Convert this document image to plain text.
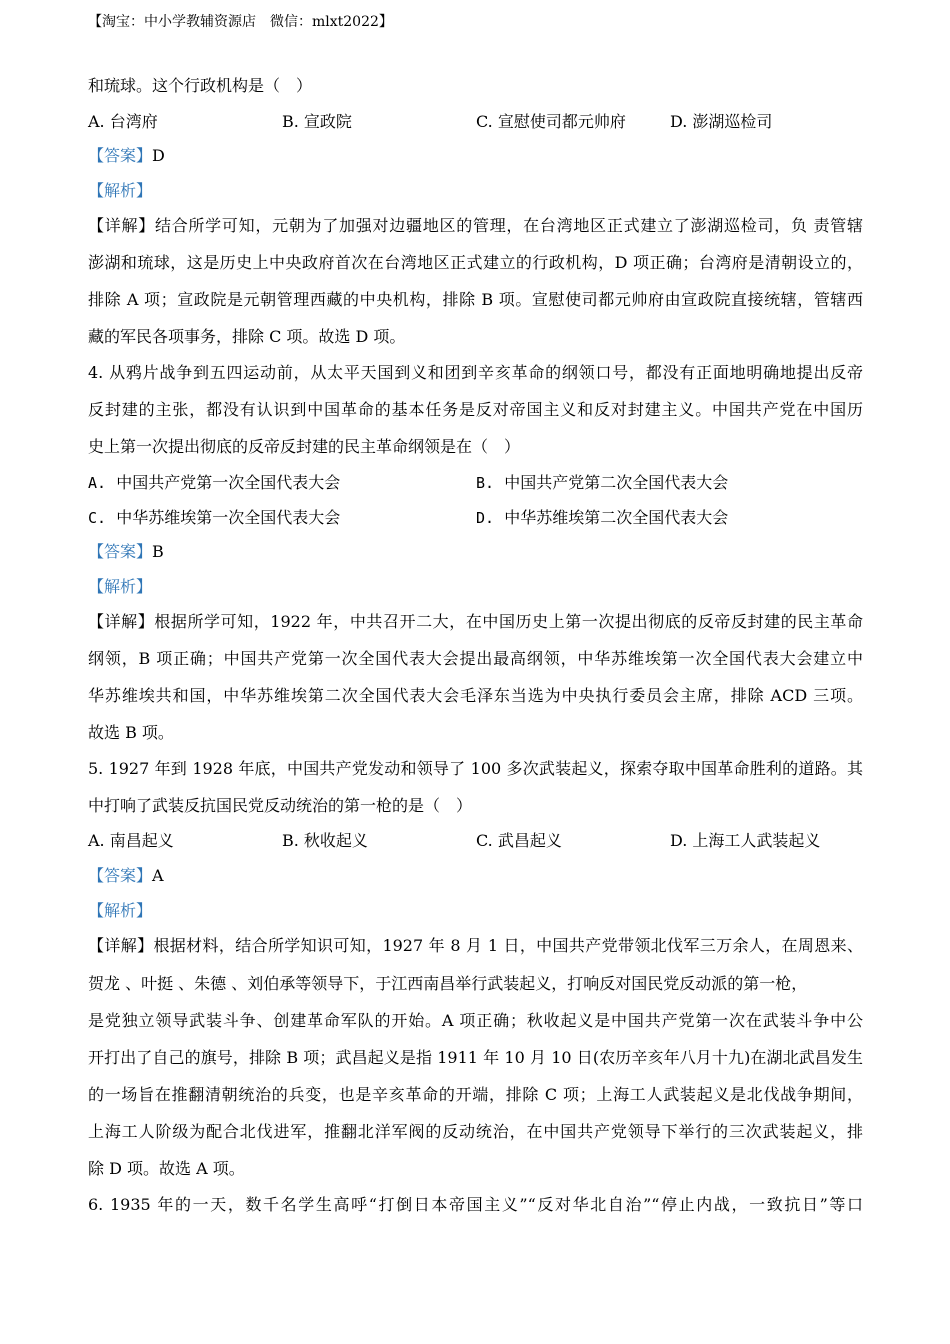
【淘宝：中小学教辅资源店　微信：mlxt2022】
和琉球。这个行政机构是（　）
A. 台湾府	B. 宣政院	C. 宣慰使司都元帅府	D. 澎湖巡检司
【答案】D
【解析】
【详解】结合所学可知，元朝为了加强对边疆地区的管理，在台湾地区正式建立了澎湖巡检司，负 责管辖
澎湖和琉球，这是历史上中央政府首次在台湾地区正式建立的行政机构，D 项正确；台湾府是清朝设立的，
排除 A 项；宣政院是元朝管理西藏的中央机构，排除 B 项。宣慰使司都元帅府由宣政院直接统辖，管辖西
藏的军民各项事务，排除 C 项。故选 D 项。
4. 从鸦片战争到五四运动前，从太平天国到义和团到辛亥革命的纲领口号，都没有正面地明确地提出反帝
反封建的主张，都没有认识到中国革命的基本任务是反对帝国主义和反对封建主义。中国共产党在中国历
史上第一次提出彻底的反帝反封建的民主革命纲领是在（　）
A. 中国共产党第一次全国代表大会	B. 中国共产党第二次全国代表大会
C. 中华苏维埃第一次全国代表大会	D. 中华苏维埃第二次全国代表大会
【答案】B
【解析】
【详解】根据所学可知，1922 年，中共召开二大，在中国历史上第一次提出彻底的反帝反封建的民主革命
纲领，B 项正确；中国共产党第一次全国代表大会提出最高纲领，中华苏维埃第一次全国代表大会建立中
华苏维埃共和国，中华苏维埃第二次全国代表大会毛泽东当选为中央执行委员会主席，排除 ACD 三项。
故选 B 项。
5. 1927 年到 1928 年底，中国共产党发动和领导了 100 多次武装起义，探索夺取中国革命胜利的道路。其
中打响了武装反抗国民党反动统治的第一枪的是（　）
A. 南昌起义	B. 秋收起义	C. 武昌起义	D. 上海工人武装起义
【答案】A
【解析】
【详解】根据材料，结合所学知识可知，1927 年 8 月 1 日，中国共产党带领北伐军三万余人，在周恩来、
贺龙 、叶挺 、朱德 、刘伯承等领导下，于江西南昌举行武装起义，打响反对国民党反动派的第一枪，
是党独立领导武装斗争、创建革命军队的开始。A 项正确；秋收起义是中国共产党第一次在武装斗争中公
开打出了自己的旗号，排除 B 项；武昌起义是指 1911 年 10 月 10 日(农历辛亥年八月十九)在湖北武昌发生
的一场旨在推翻清朝统治的兵变，也是辛亥革命的开端，排除 C 项；上海工人武装起义是北伐战争期间，
上海工人阶级为配合北伐进军，推翻北洋军阀的反动统治，在中国共产党领导下举行的三次武装起义，排
除 D 项。故选 A 项。
6. 1935 年的一天，数千名学生高呼“打倒日本帝国主义”“反对华北自治”“停止内战，一致抗日”等口
